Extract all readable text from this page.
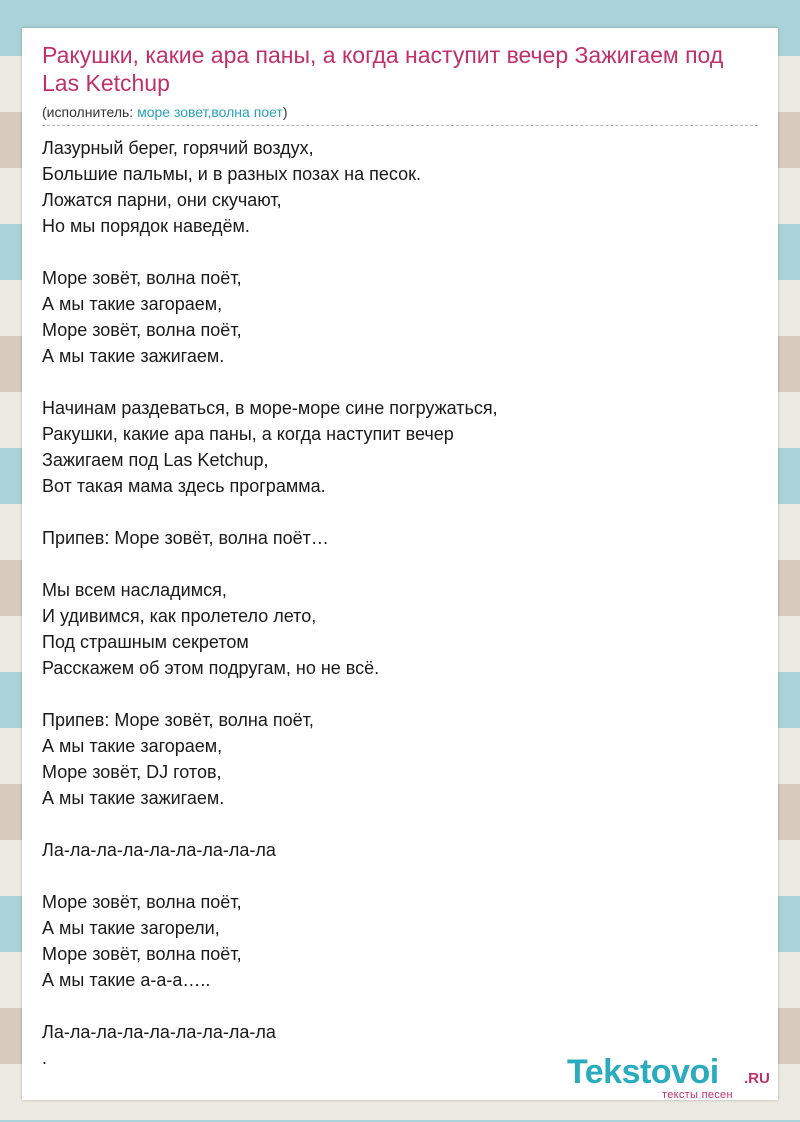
Ракушки, какие ара паны, а когда наступит вечер Зажигаем под Las Ketchup
(исполнитель: море зовет,волна поет)
Лазурный берег, горячий воздух,
Большие пальмы, и в разных позах на песок.
Ложатся парни, они скучают,
Но мы порядок наведём.
Море зовёт, волна поёт,
А мы такие загораем,
Море зовёт, волна поёт,
А мы такие зажигаем.
Начинам раздеваться, в море-море сине погружаться,
Ракушки, какие ара паны, а когда наступит вечер
Зажигаем под Las Ketchup,
Вот такая мама здесь программа.
Припев: Море зовёт, волна поёт…
Мы всем насладимся,
И удивимся, как пролетело лето,
Под страшным секретом
Расскажем об этом подругам, но не всё.
Припев: Море зовёт, волна поёт,
А мы такие загораем,
Море зовёт, DJ готов,
А мы такие зажигаем.
Ла-ла-ла-ла-ла-ла-ла-ла-ла
Море зовёт, волна поёт,
А мы такие загорели,
Море зовёт, волна поёт,
А мы такие а-а-а…..
Ла-ла-ла-ла-ла-ла-ла-ла-ла
.	Tekstovoi .RU
тексты песен
